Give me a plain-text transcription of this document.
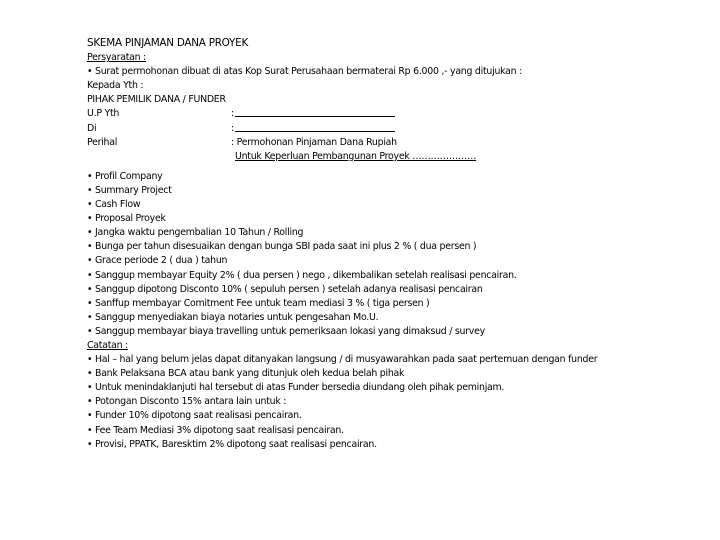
SKEMA PINJAMAN DANA PROYEK
Persyaratan :
• Surat permohonan dibuat di atas Kop Surat Perusahaan bermaterai Rp 6.000 ,- yang ditujukan :
Kepada Yth :
PIHAK PEMILIK DANA / FUNDER
U.P Yth	:
Di	:
Perihal	: Permohonan Pinjaman Dana Rupiah
Untuk Keperluan Pembangunan Proyek …………………
• Profil Company
• Summary Project
• Cash Flow
• Proposal Proyek
• Jangka waktu pengembalian 10 Tahun / Rolling
• Bunga per tahun disesuaikan dengan bunga SBI pada saat ini plus 2 % ( dua persen )
• Grace periode 2 ( dua ) tahun
• Sanggup membayar Equity 2% ( dua persen ) nego , dikembalikan setelah realisasi pencairan.
• Sanggup dipotong Disconto 10% ( sepuluh persen ) setelah adanya realisasi pencairan
• Sanffup membayar Comitment Fee untuk team mediasi 3 % ( tiga persen )
• Sanggup menyediakan biaya notaries untuk pengesahan Mo.U.
• Sanggup membayar biaya travelling untuk pemeriksaan lokasi yang dimaksud / survey
Catatan :
• Hal – hal yang belum jelas dapat ditanyakan langsung / di musyawarahkan pada saat pertemuan dengan funder
• Bank Pelaksana BCA atau bank yang ditunjuk oleh kedua belah pihak
• Untuk menindaklanjuti hal tersebut di atas Funder bersedia diundang oleh pihak peminjam.
• Potongan Disconto 15% antara lain untuk :
• Funder 10% dipotong saat realisasi pencairan.
• Fee Team Mediasi 3% dipotong saat realisasi pencairan.
• Provisi, PPATK, Baresktim 2% dipotong saat realisasi pencairan.
